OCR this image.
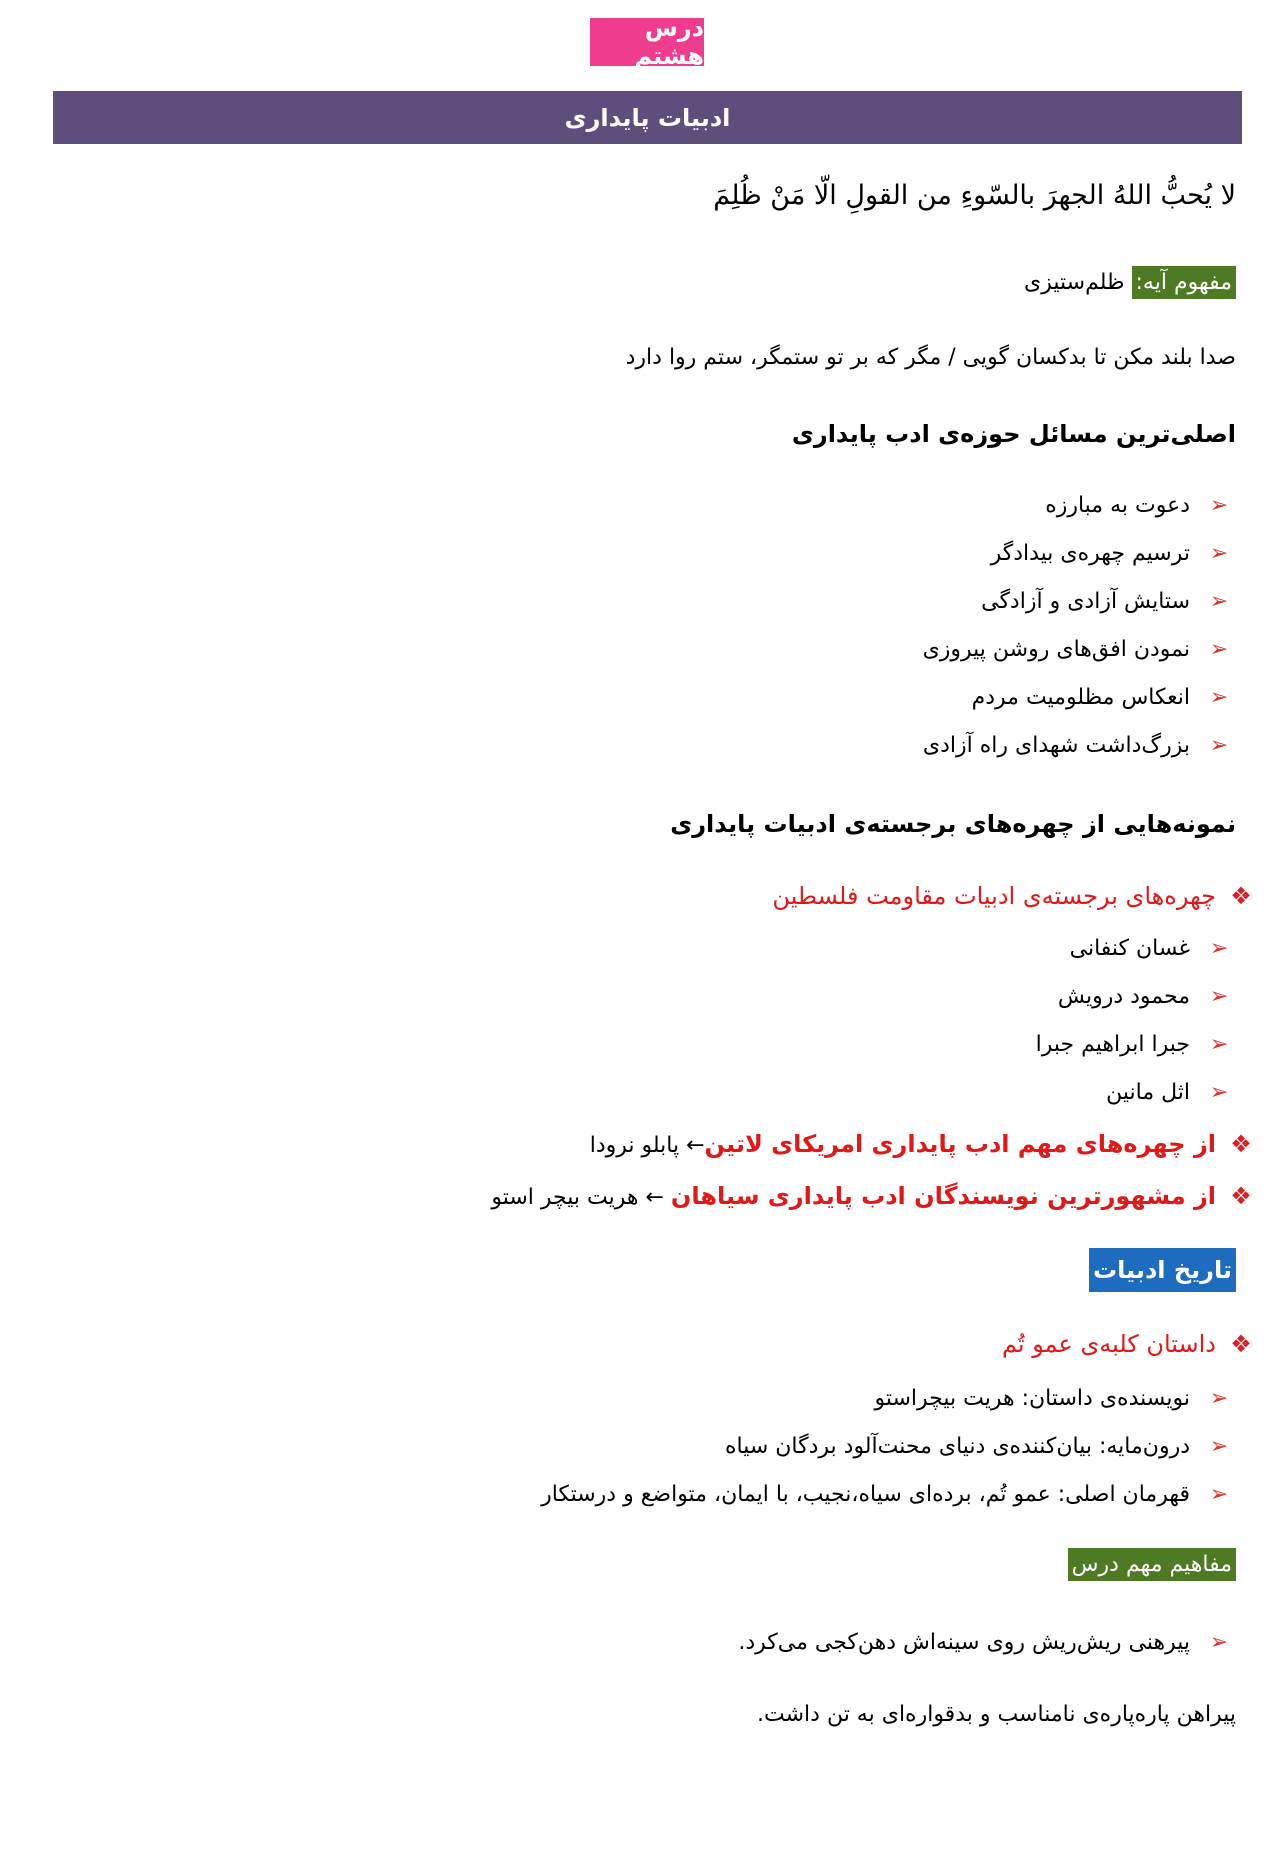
درس هشتم
ادبیات پایداری
لا یُحبُّ اللهُ الجهرَ بالسّوءِ من القولِ الّا مَنْ ظُلِمَ
مفهوم آیه: ظلم‌ستیزی
صدا بلند مکن تا بدکسان گویی / مگر که بر تو ستمگر، ستم روا دارد
اصلی‌ترین مسائل حوزه‌ی ادب پایداری
➢دعوت به مبارزه
➢ترسیم چهره‌ی بیدادگر
➢ستایش آزادی و آزادگی
➢نمودن افق‌های روشن پیروزی
➢انعکاس مظلومیت مردم
➢بزرگ‌داشت شهدای راه آزادی
نمونه‌هایی از چهره‌های برجسته‌ی ادبیات پایداری
❖چهره‌های برجسته‌ی ادبیات مقاومت فلسطین
➢غسان کنفانی
➢محمود درویش
➢جبرا ابراهیم جبرا
➢اثل مانین
❖از چهره‌های مهم ادب پایداری امریکای لاتین← پابلو نرودا
❖از مشهورترین نویسندگان ادب پایداری سیاهان ← هریت بیچر استو
تاریخ ادبیات
❖داستان کلبه‌ی عمو تُم
➢نویسنده‌ی داستان: هریت بیچراستو
➢درون‌مایه: بیان‌کننده‌ی دنیای محنت‌آلود بردگان سیاه
➢قهرمان اصلی: عمو تُم، برده‌ای سیاه،نجیب، با ایمان، متواضع و درستکار
مفاهیم مهم درس
➢پیرهنی ریش‌ریش روی سینه‌اش دهن‌کجی می‌کرد.
پیراهن پاره‌پاره‌ی نامناسب و بدقواره‌ای به تن داشت.
